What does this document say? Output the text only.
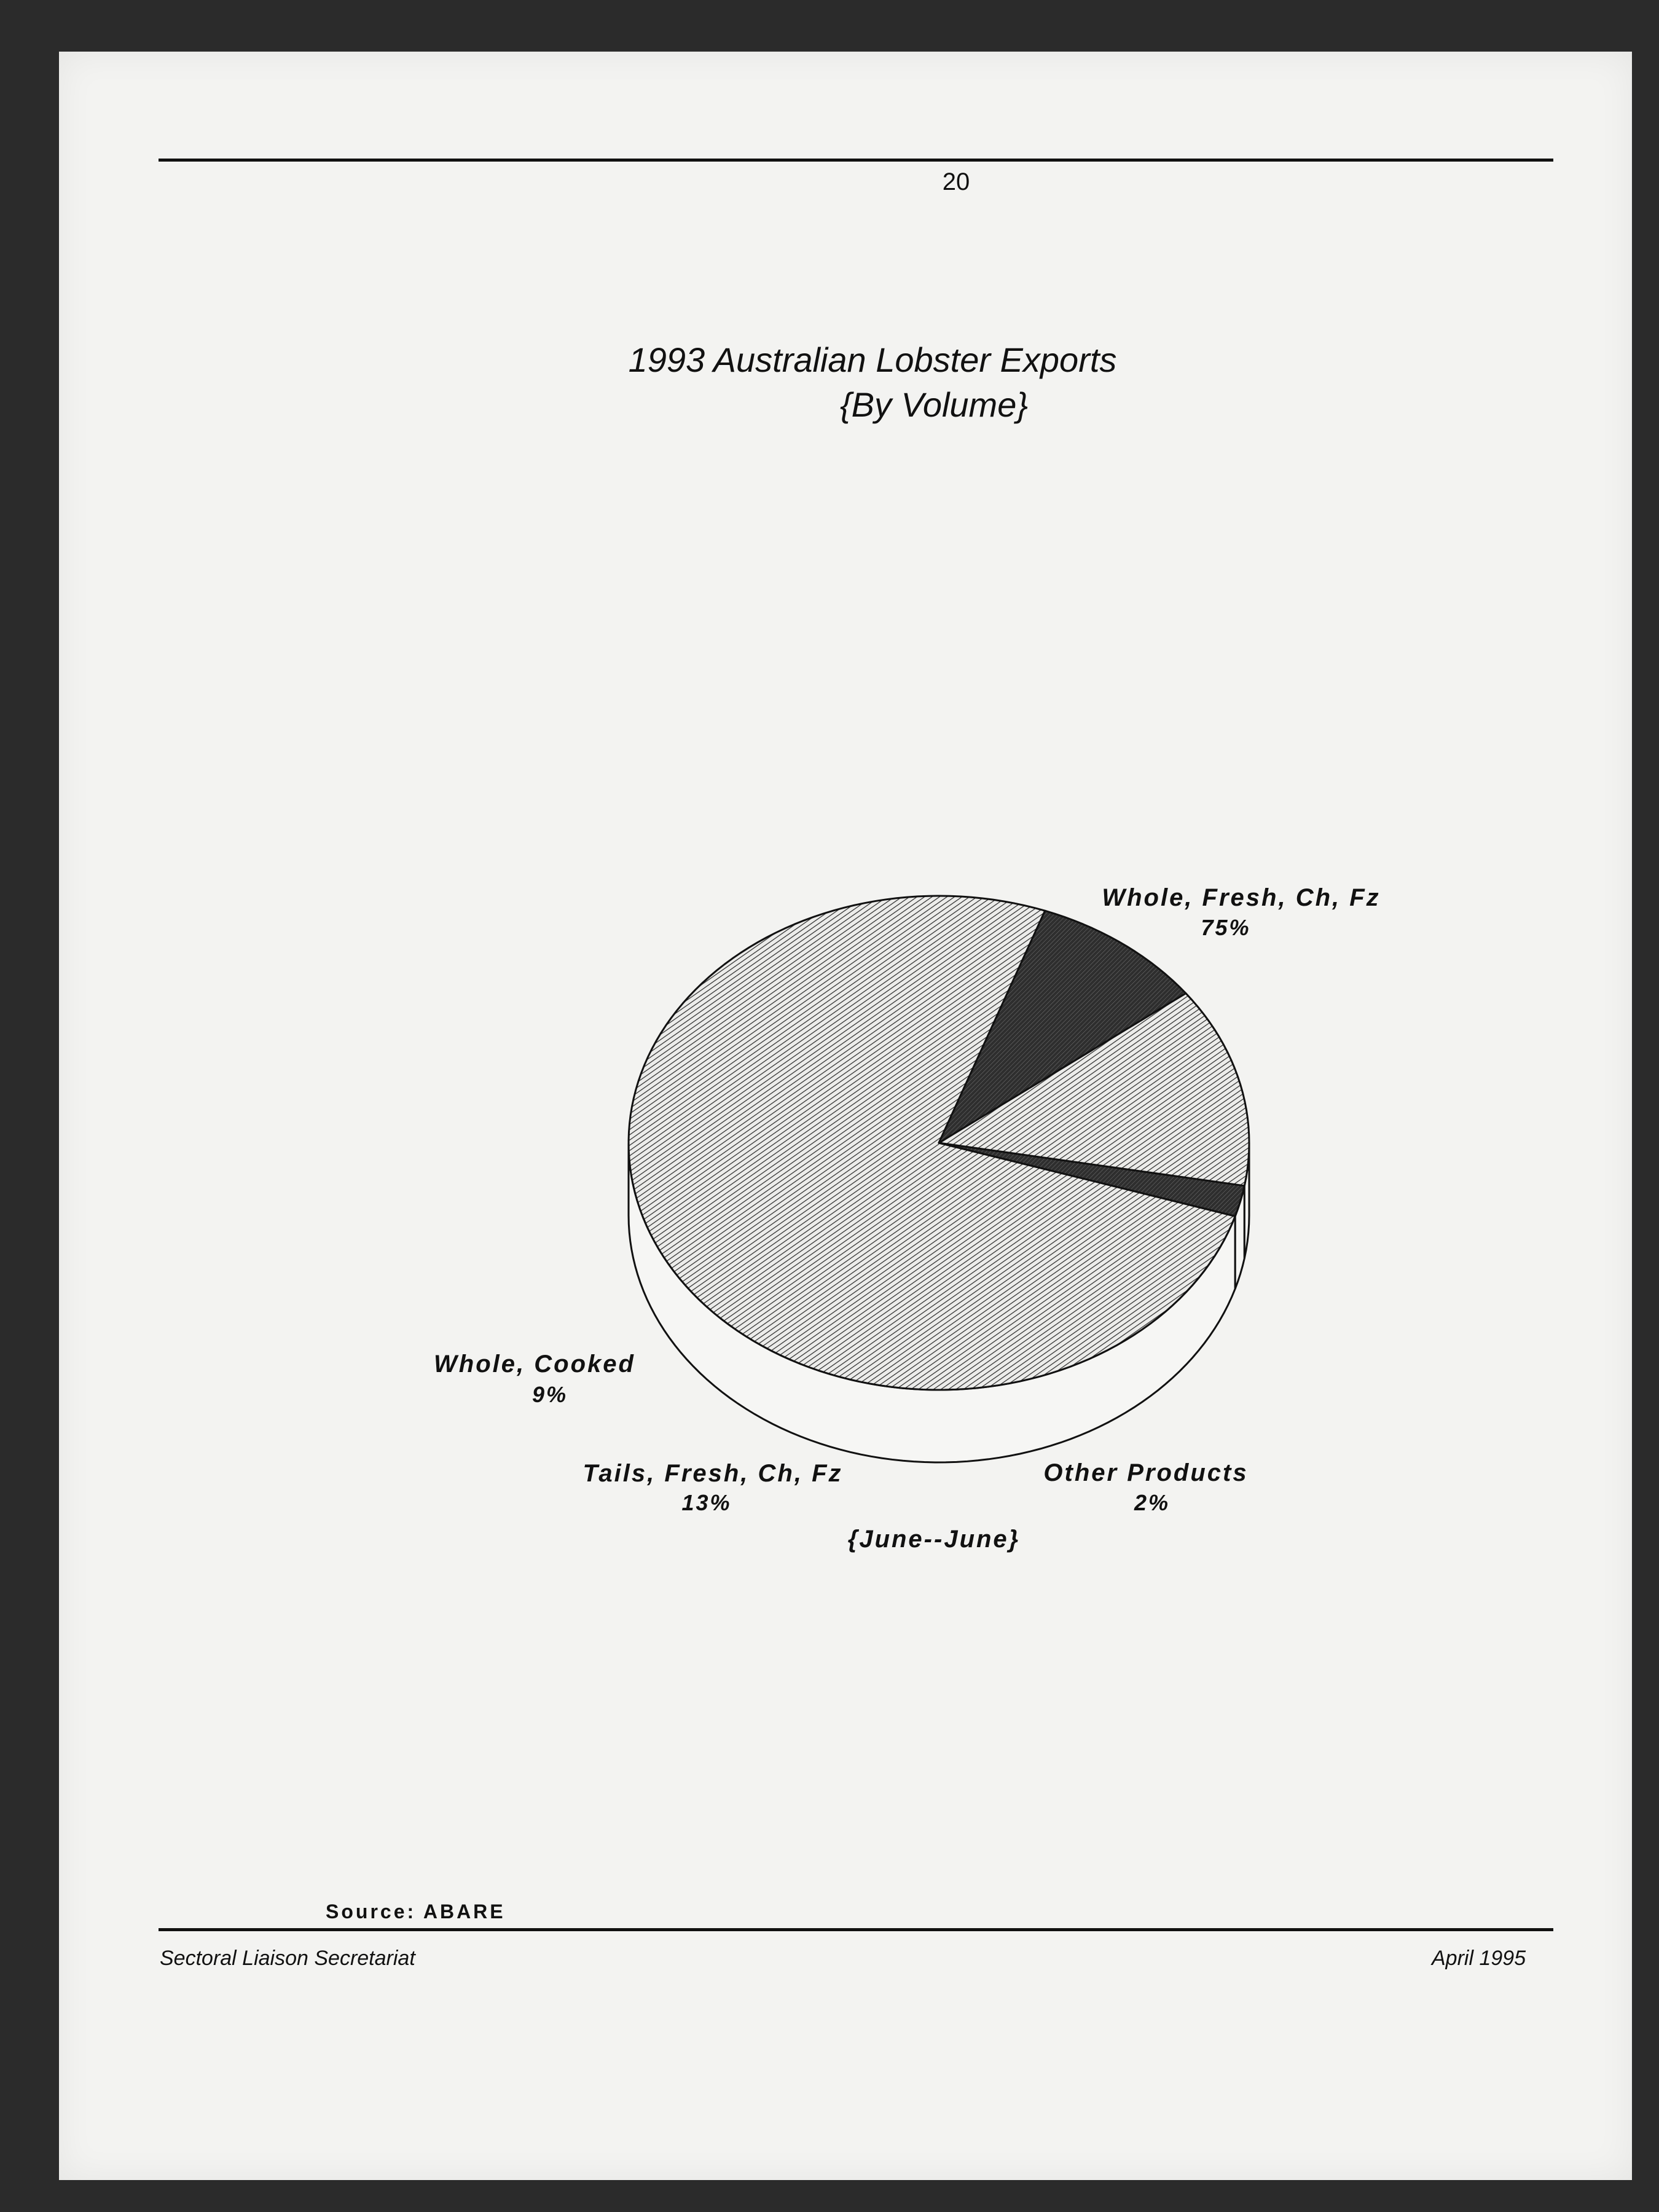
20
1993 Australian Lobster Exports
{By Volume}
Whole, Fresh, Ch, Fz
75%
Whole, Cooked
9%
Tails, Fresh, Ch, Fz
13%
Other Products
2%
{June--June}
Source: ABARE
Sectoral Liaison Secretariat	April 1995
